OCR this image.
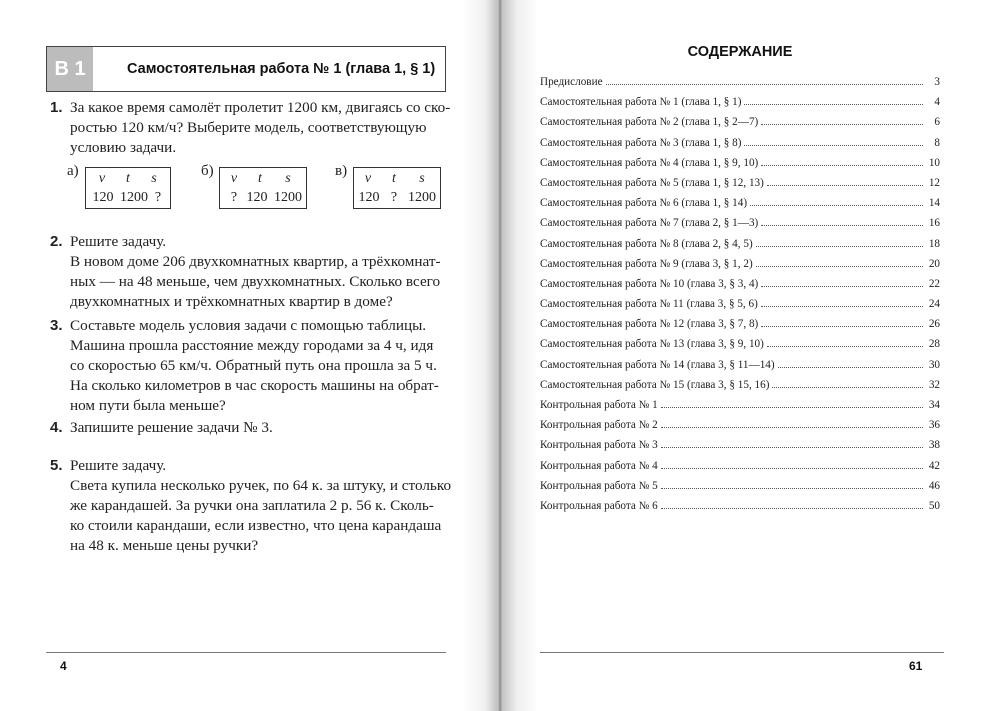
В 1	Самостоятельная работа № 1 (глава 1, § 1)
1. За какое время самолёт пролетит 1200 км, двигаясь со ско-
ростью 120 км/ч? Выберите модель, соответствующую
условию задачи.
а)	v	t	s
120 1200 ?
б)	v	t	s
? 120 1200
в)	v	t	s
120 ? 1200
2. Решите задачу.
В новом доме 206 двухкомнатных квартир, а трёхкомнат-
ных — на 48 меньше, чем двухкомнатных. Сколько всего
двухкомнатных и трёхкомнатных квартир в доме?
3. Составьте модель условия задачи с помощью таблицы.
Машина прошла расстояние между городами за 4 ч, идя
со скоростью 65 км/ч. Обратный путь она прошла за 5 ч.
На сколько километров в час скорость машины на обрат-
ном пути была меньше?
4. Запишите решение задачи № 3.
5. Решите задачу.
Света купила несколько ручек, по 64 к. за штуку, и столько
же карандашей. За ручки она заплатила 2 р. 56 к. Сколь-
ко стоили карандаши, если известно, что цена карандаша
на 48 к. меньше цены ручки?
4
СОДЕРЖАНИЕ
Предисловие	3
Самостоятельная работа № 1 (глава 1, § 1)	4
Самостоятельная работа № 2 (глава 1, § 2—7)	6
Самостоятельная работа № 3 (глава 1, § 8)	8
Самостоятельная работа № 4 (глава 1, § 9, 10)	10
Самостоятельная работа № 5 (глава 1, § 12, 13)	12
Самостоятельная работа № 6 (глава 1, § 14)	14
Самостоятельная работа № 7 (глава 2, § 1—3)	16
Самостоятельная работа № 8 (глава 2, § 4, 5)	18
Самостоятельная работа № 9 (глава 3, § 1, 2)	20
Самостоятельная работа № 10 (глава 3, § 3, 4)	22
Самостоятельная работа № 11 (глава 3, § 5, 6)	24
Самостоятельная работа № 12 (глава 3, § 7, 8)	26
Самостоятельная работа № 13 (глава 3, § 9, 10)	28
Самостоятельная работа № 14 (глава 3, § 11—14)	30
Самостоятельная работа № 15 (глава 3, § 15, 16)	32
Контрольная работа № 1	34
Контрольная работа № 2	36
Контрольная работа № 3	38
Контрольная работа № 4	42
Контрольная работа № 5	46
Контрольная работа № 6	50
61
